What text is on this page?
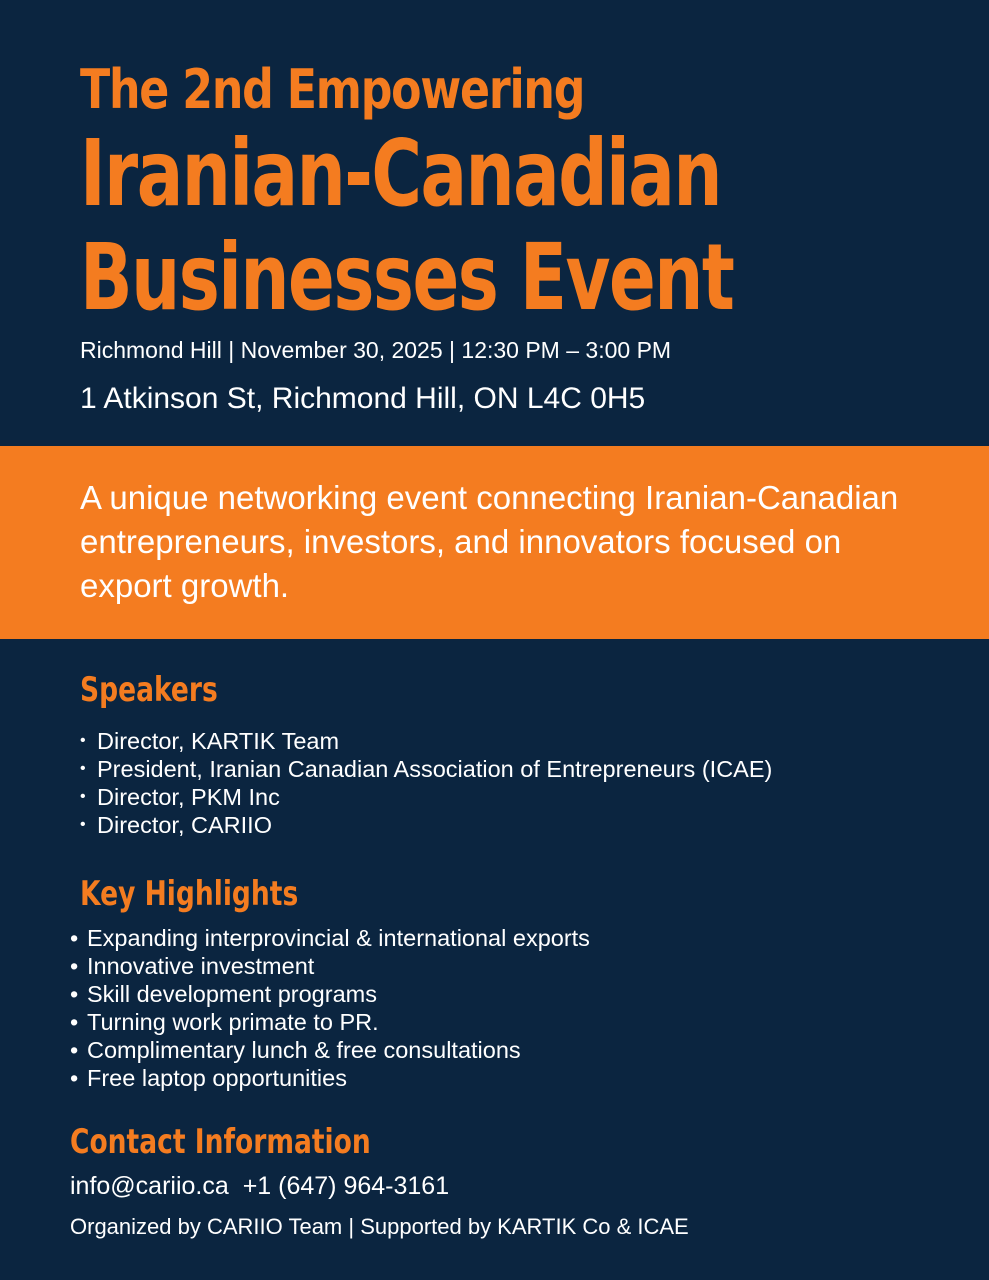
The 2nd Empowering
Iranian-Canadian
Businesses Event
Richmond Hill | November 30, 2025 | 12:30 PM – 3:00 PM
1 Atkinson St, Richmond Hill, ON L4C 0H5
A unique networking event connecting Iranian-Canadian entrepreneurs, investors, and innovators focused on export growth.
Speakers
• Director, KARTIK Team
• President, Iranian Canadian Association of Entrepreneurs (ICAE)
• Director, PKM Inc
• Director, CARIIO
Key Highlights
• Expanding interprovincial & international exports
• Innovative investment
• Skill development programs
• Turning work primate to PR.
• Complimentary lunch & free consultations
• Free laptop opportunities
Contact Information
info@cariio.ca +1 (647) 964-3161
Organized by CARIIO Team | Supported by KARTIK Co & ICAE
